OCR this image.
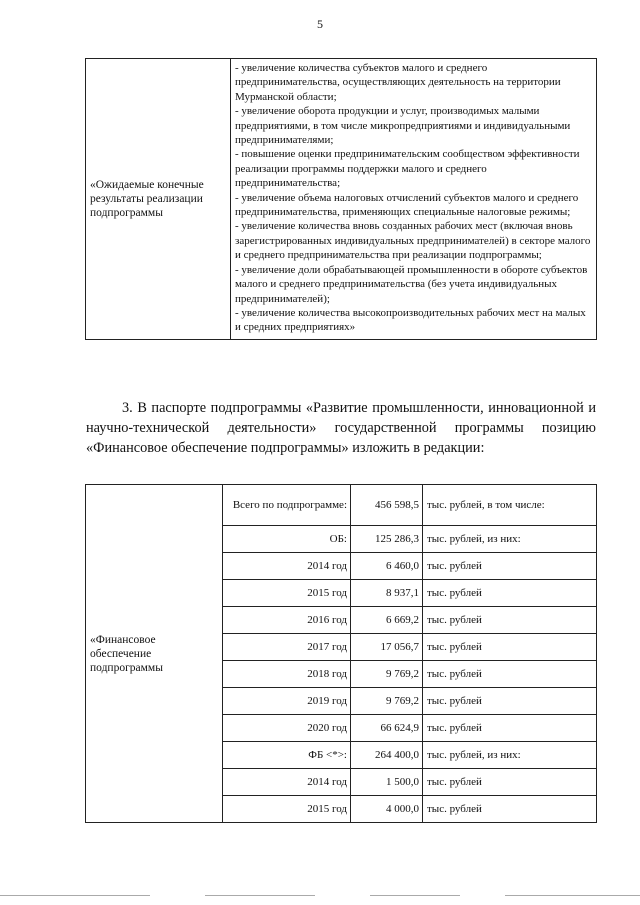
5
«Ожидаемые конечные результаты реализации подпрограммы	
- увеличение количества субъектов малого и среднего предпринимательства, осуществляющих деятельность на территории Мурманской области;
- увеличение оборота продукции и услуг, производимых малыми предприятиями, в том числе микропредприятиями и индивидуальными предпринимателями;
- повышение оценки предпринимательским сообществом эффективности реализации программы поддержки малого и среднего предпринимательства;
- увеличение объема налоговых отчислений субъектов малого и среднего предпринимательства, применяющих специальные налоговые режимы;
- увеличение количества вновь созданных рабочих мест (включая вновь зарегистрированных индивидуальных предпринимателей) в секторе малого и среднего предпринимательства при реализации подпрограммы;
- увеличение доли обрабатывающей промышленности в обороте субъектов малого и среднего предпринимательства (без учета индивидуальных предпринимателей);
- увеличение количества высокопроизводительных рабочих мест на малых и средних предприятиях»
3. В паспорте подпрограммы «Развитие промышленности, инновационной и научно-технической деятельности» государственной программы позицию «Финансовое обеспечение подпрограммы» изложить в редакции:
«Финансовое обеспечение подпрограммы	Всего по подпрограмме:	456 598,5	тыс. рублей, в том числе:
	ОБ:	125 286,3	тыс. рублей, из них:
	2014 год	6 460,0	тыс. рублей
	2015 год	8 937,1	тыс. рублей
	2016 год	6 669,2	тыс. рублей
	2017 год	17 056,7	тыс. рублей
	2018 год	9 769,2	тыс. рублей
	2019 год	9 769,2	тыс. рублей
	2020 год	66 624,9	тыс. рублей
	ФБ <*>:	264 400,0	тыс. рублей, из них:
	2014 год	1 500,0	тыс. рублей
	2015 год	4 000,0	тыс. рублей
